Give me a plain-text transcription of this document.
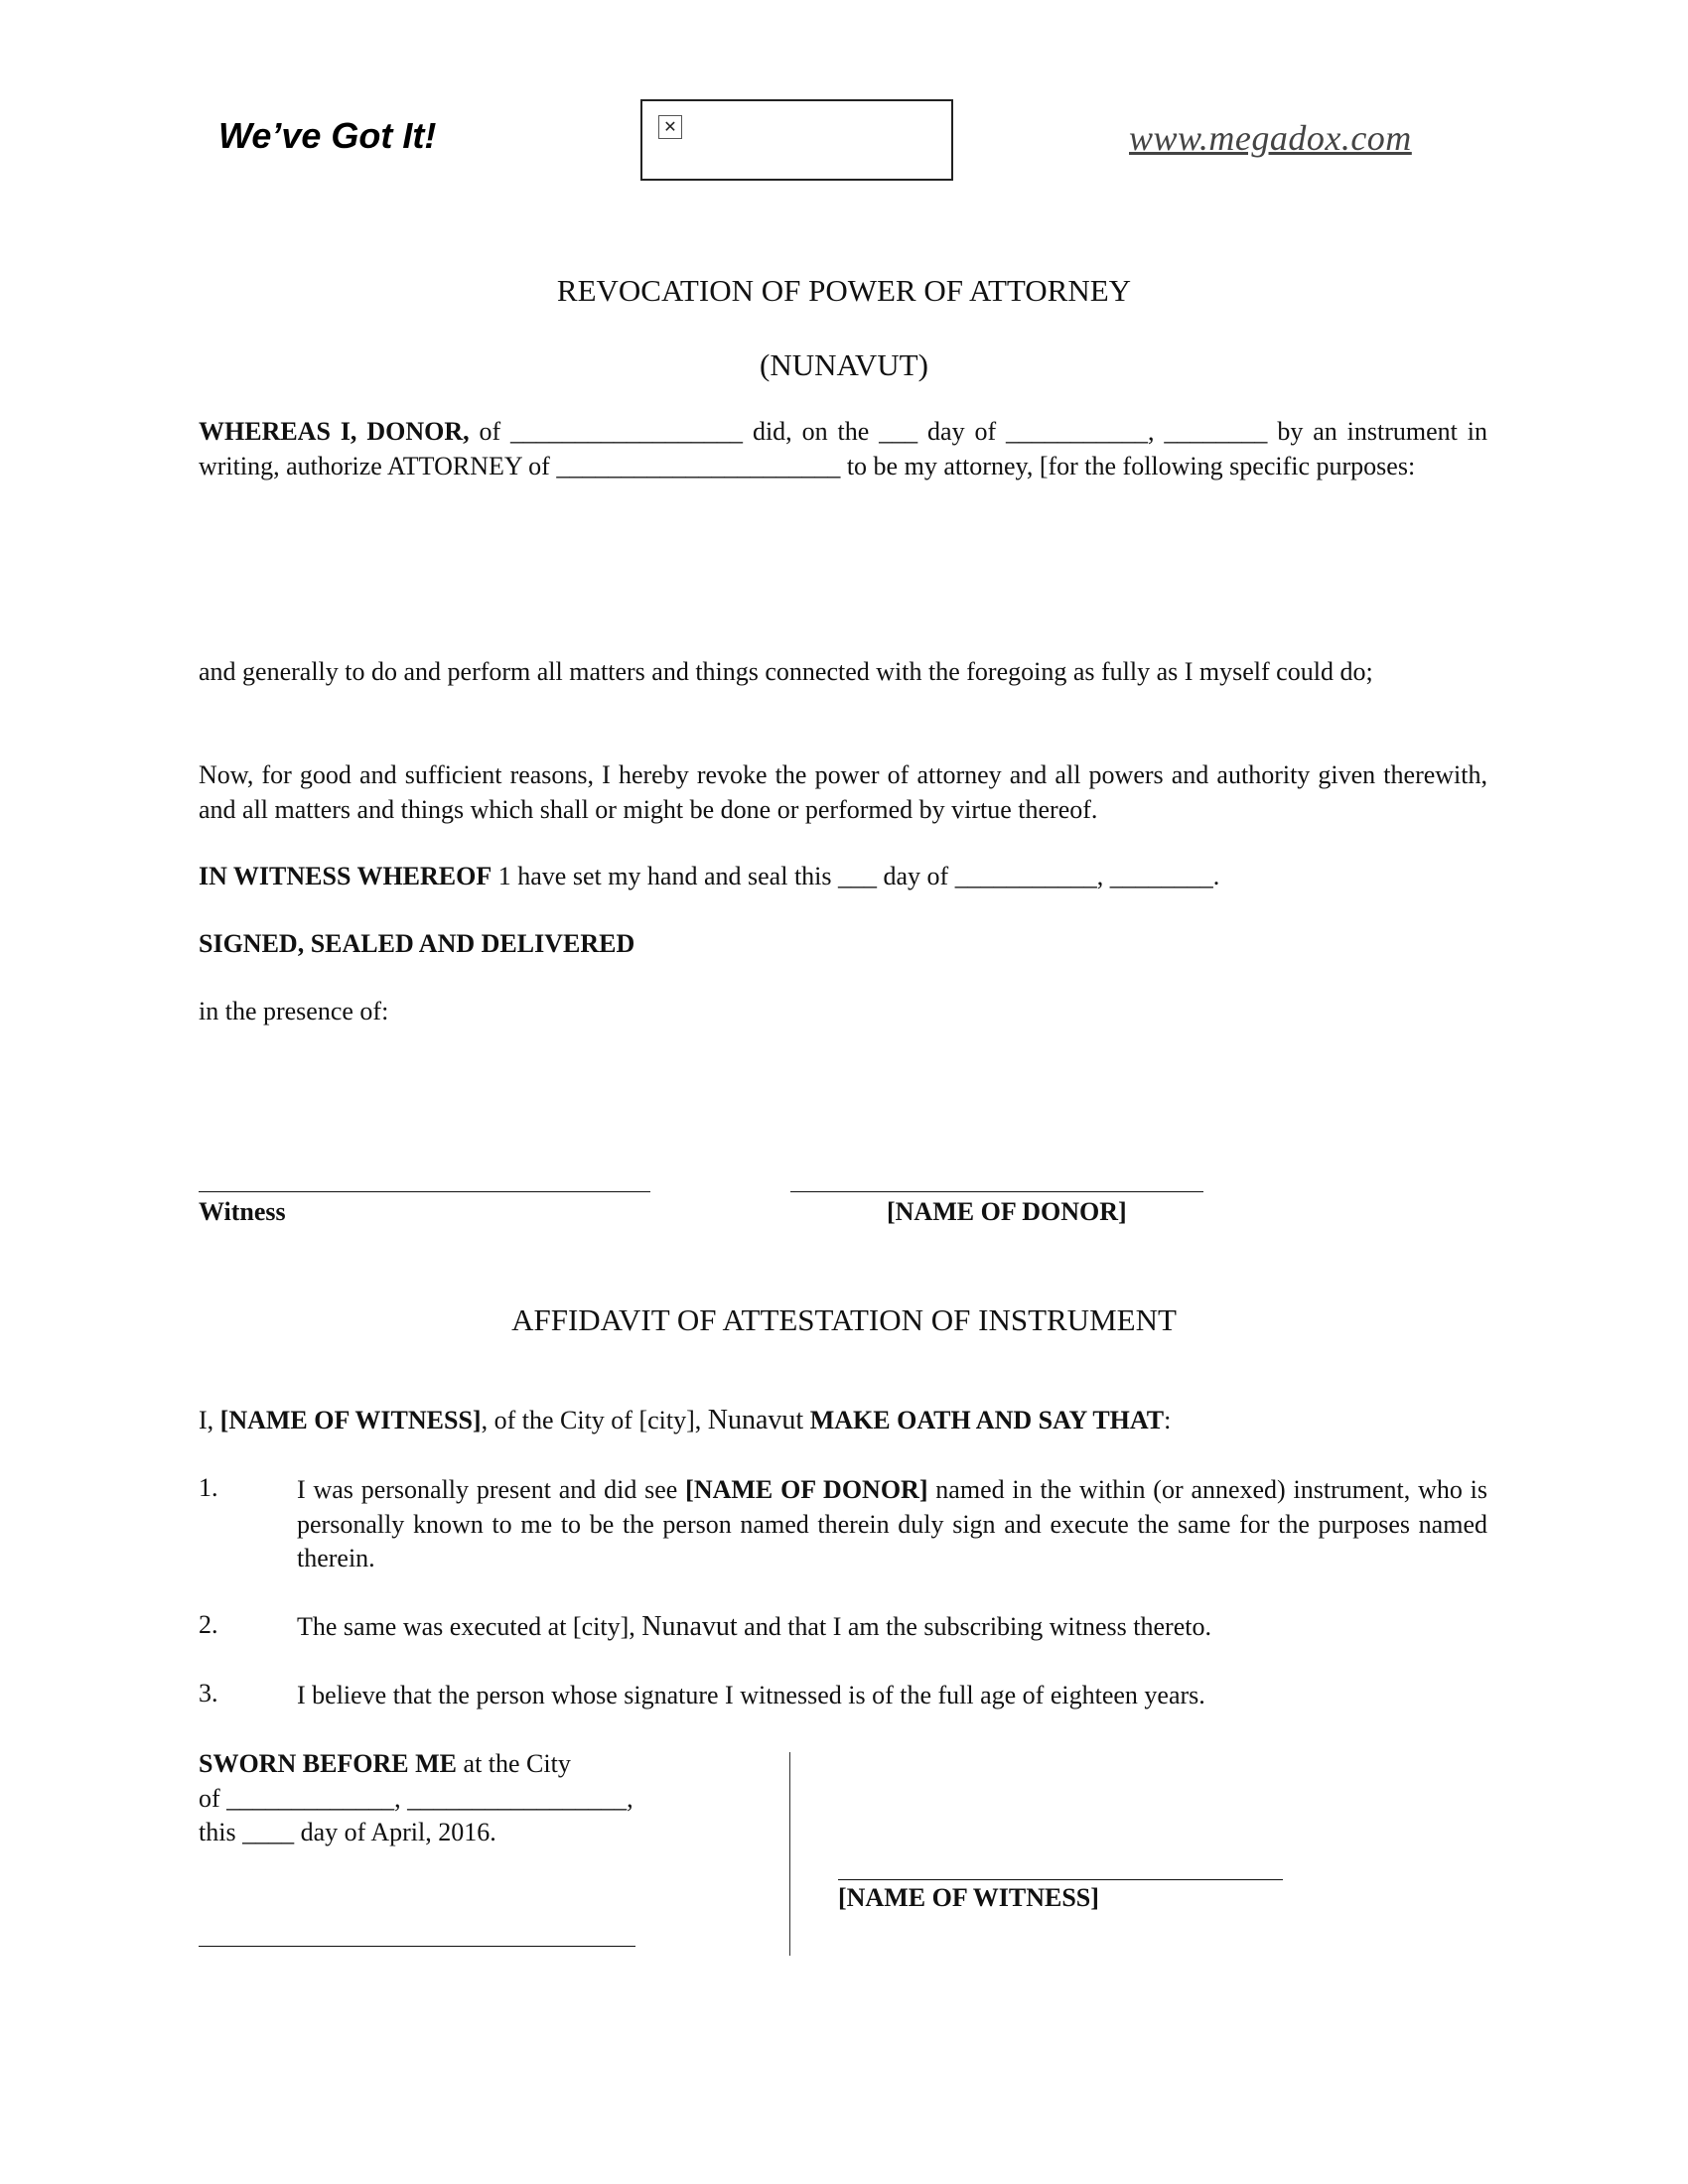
We’ve Got It!	✕	www.megadox.com
REVOCATION OF POWER OF ATTORNEY
(NUNAVUT)
WHEREAS I, DONOR, of __________________ did, on the ___ day of ___________, ________ by an instrument in writing, authorize ATTORNEY of ______________________ to be my attorney, [for the following specific purposes:
and generally to do and perform all matters and things connected with the foregoing as fully as I myself could do;
Now, for good and sufficient reasons, I hereby revoke the power of attorney and all powers and authority given therewith, and all matters and things which shall or might be done or performed by virtue thereof.
IN WITNESS WHEREOF 1 have set my hand and seal this ___ day of ___________, ________.
SIGNED, SEALED AND DELIVERED
in the presence of:
Witness	[NAME OF DONOR]
AFFIDAVIT OF ATTESTATION OF INSTRUMENT
I, [NAME OF WITNESS], of the City of [city], Nunavut MAKE OATH AND SAY THAT:
1.	I was personally present and did see [NAME OF DONOR] named in the within (or annexed) instrument, who is personally known to me to be the person named therein duly sign and execute the same for the purposes named therein.
2.	The same was executed at [city], Nunavut and that I am the subscribing witness thereto.
3.	I believe that the person whose signature I witnessed is of the full age of eighteen years.
SWORN BEFORE ME at the City
of _____________, _________________,
this ____ day of April, 2016.
[NAME OF WITNESS]
